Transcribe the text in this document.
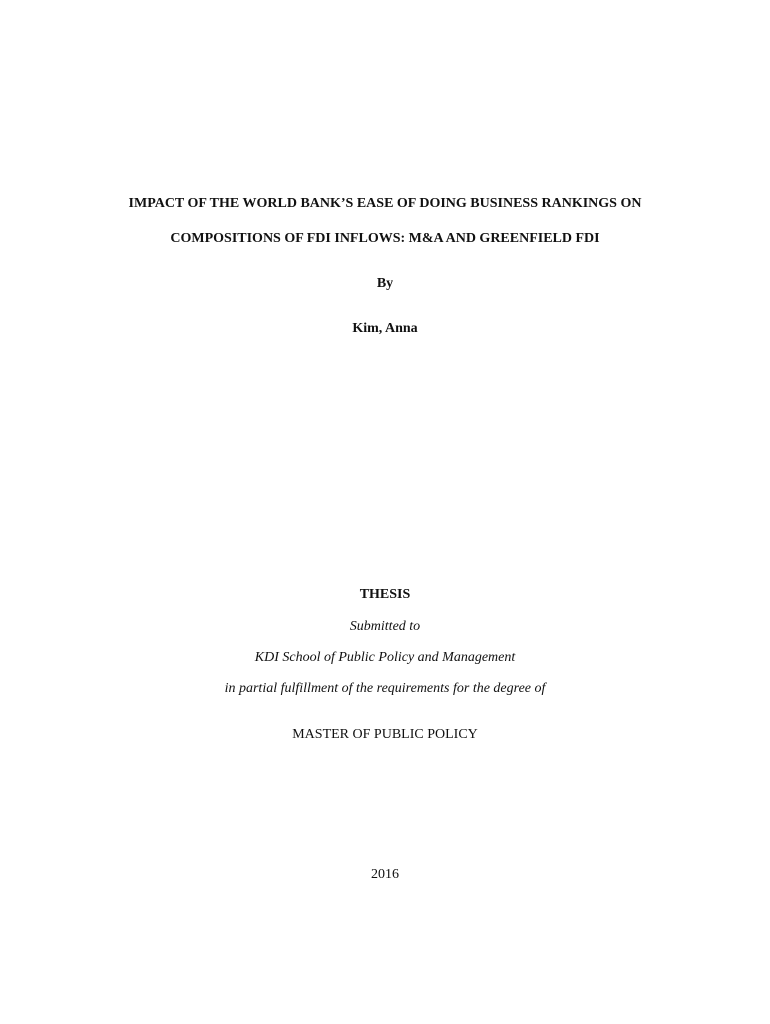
IMPACT OF THE WORLD BANK’S EASE OF DOING BUSINESS RANKINGS ON
COMPOSITIONS OF FDI INFLOWS: M&A AND GREENFIELD FDI
By
Kim, Anna
THESIS
Submitted to
KDI School of Public Policy and Management
in partial fulfillment of the requirements for the degree of
MASTER OF PUBLIC POLICY
2016
